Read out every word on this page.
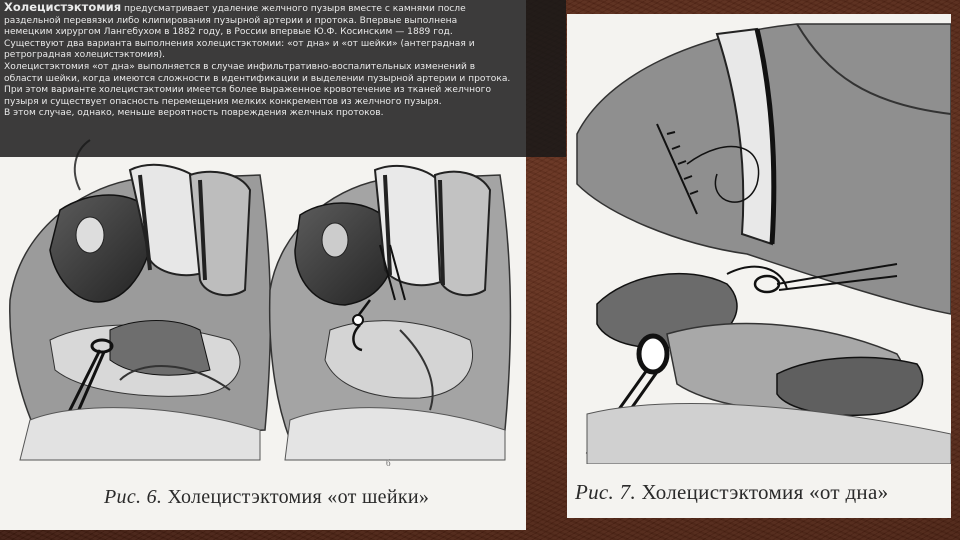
б
Рис. 6. Холецистэктомия «от шейки»	Рис. 7. Холецистэктомия «от дна»

Холецистэктомия предусматривает удаление желчного пузыря вместе с камнями после

раздельной перевязки либо клипирования пузырной артерии и протока. Впервые выполнена

немецким хирургом Лангебухом в 1882 году, в России впервые Ю.Ф. Косинским — 1889 год.

Существуют два варианта выполнения холецистэктомии: «от дна» и «от шейки» (антеградная и

ретроградная холецистэктомия).

Холецистэктомия «от дна» выполняется в случае инфильтративно-воспалительных изменений в

области шейки, когда имеются сложности в идентификации и выделении пузырной артерии и протока.

При этом варианте холецистэктомии имеется более выраженное кровотечение из тканей желчного

пузыря и существует опасность перемещения мелких конкрементов из желчного пузыря.

В этом случае, однако, меньше вероятность повреждения желчных протоков.
